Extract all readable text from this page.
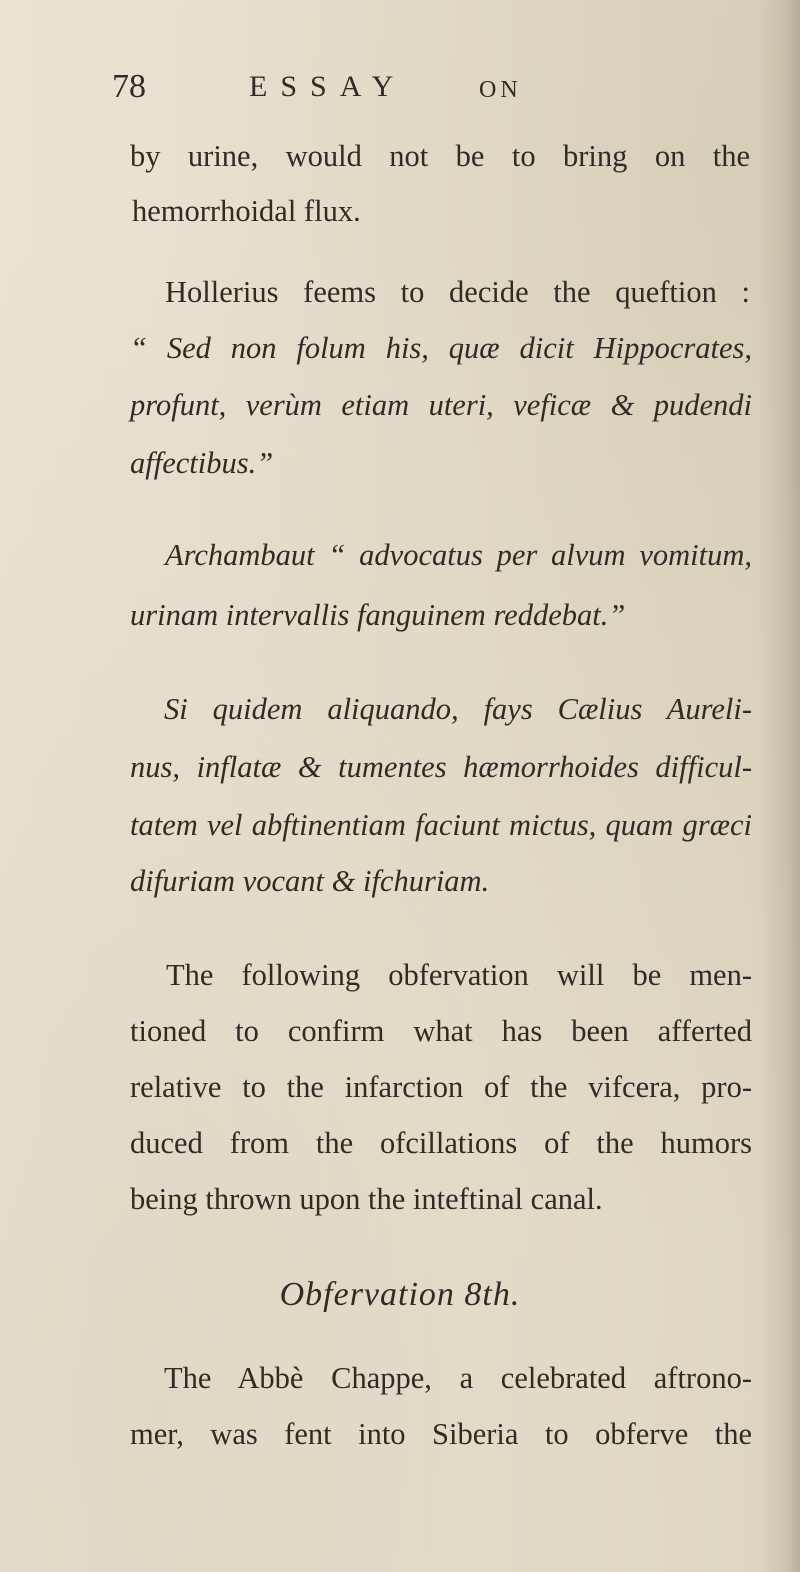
78	ESSAY	ON
by urine, would not be to bring on the
hemorrhoidal flux.
Hollerius feems to decide the queftion :
“ Sed non folum his, quæ dicit Hippocrates,
profunt, verùm etiam uteri, veficæ & pudendi
affectibus.”
Archambaut “ advocatus per alvum vomitum,
urinam intervallis fanguinem reddebat.”
Si quidem aliquando, fays Cælius Aureli-
nus, inflatæ & tumentes hæmorrhoides difficul-
tatem vel abftinentiam faciunt mictus, quam græci
difuriam vocant & ifchuriam.
The following obfervation will be men-
tioned to confirm what has been afferted
relative to the infarction of the vifcera, pro-
duced from the ofcillations of the humors
being thrown upon the inteftinal canal.
Obfervation 8th.
The Abbè Chappe, a celebrated aftrono-
mer, was fent into Siberia to obferve the
